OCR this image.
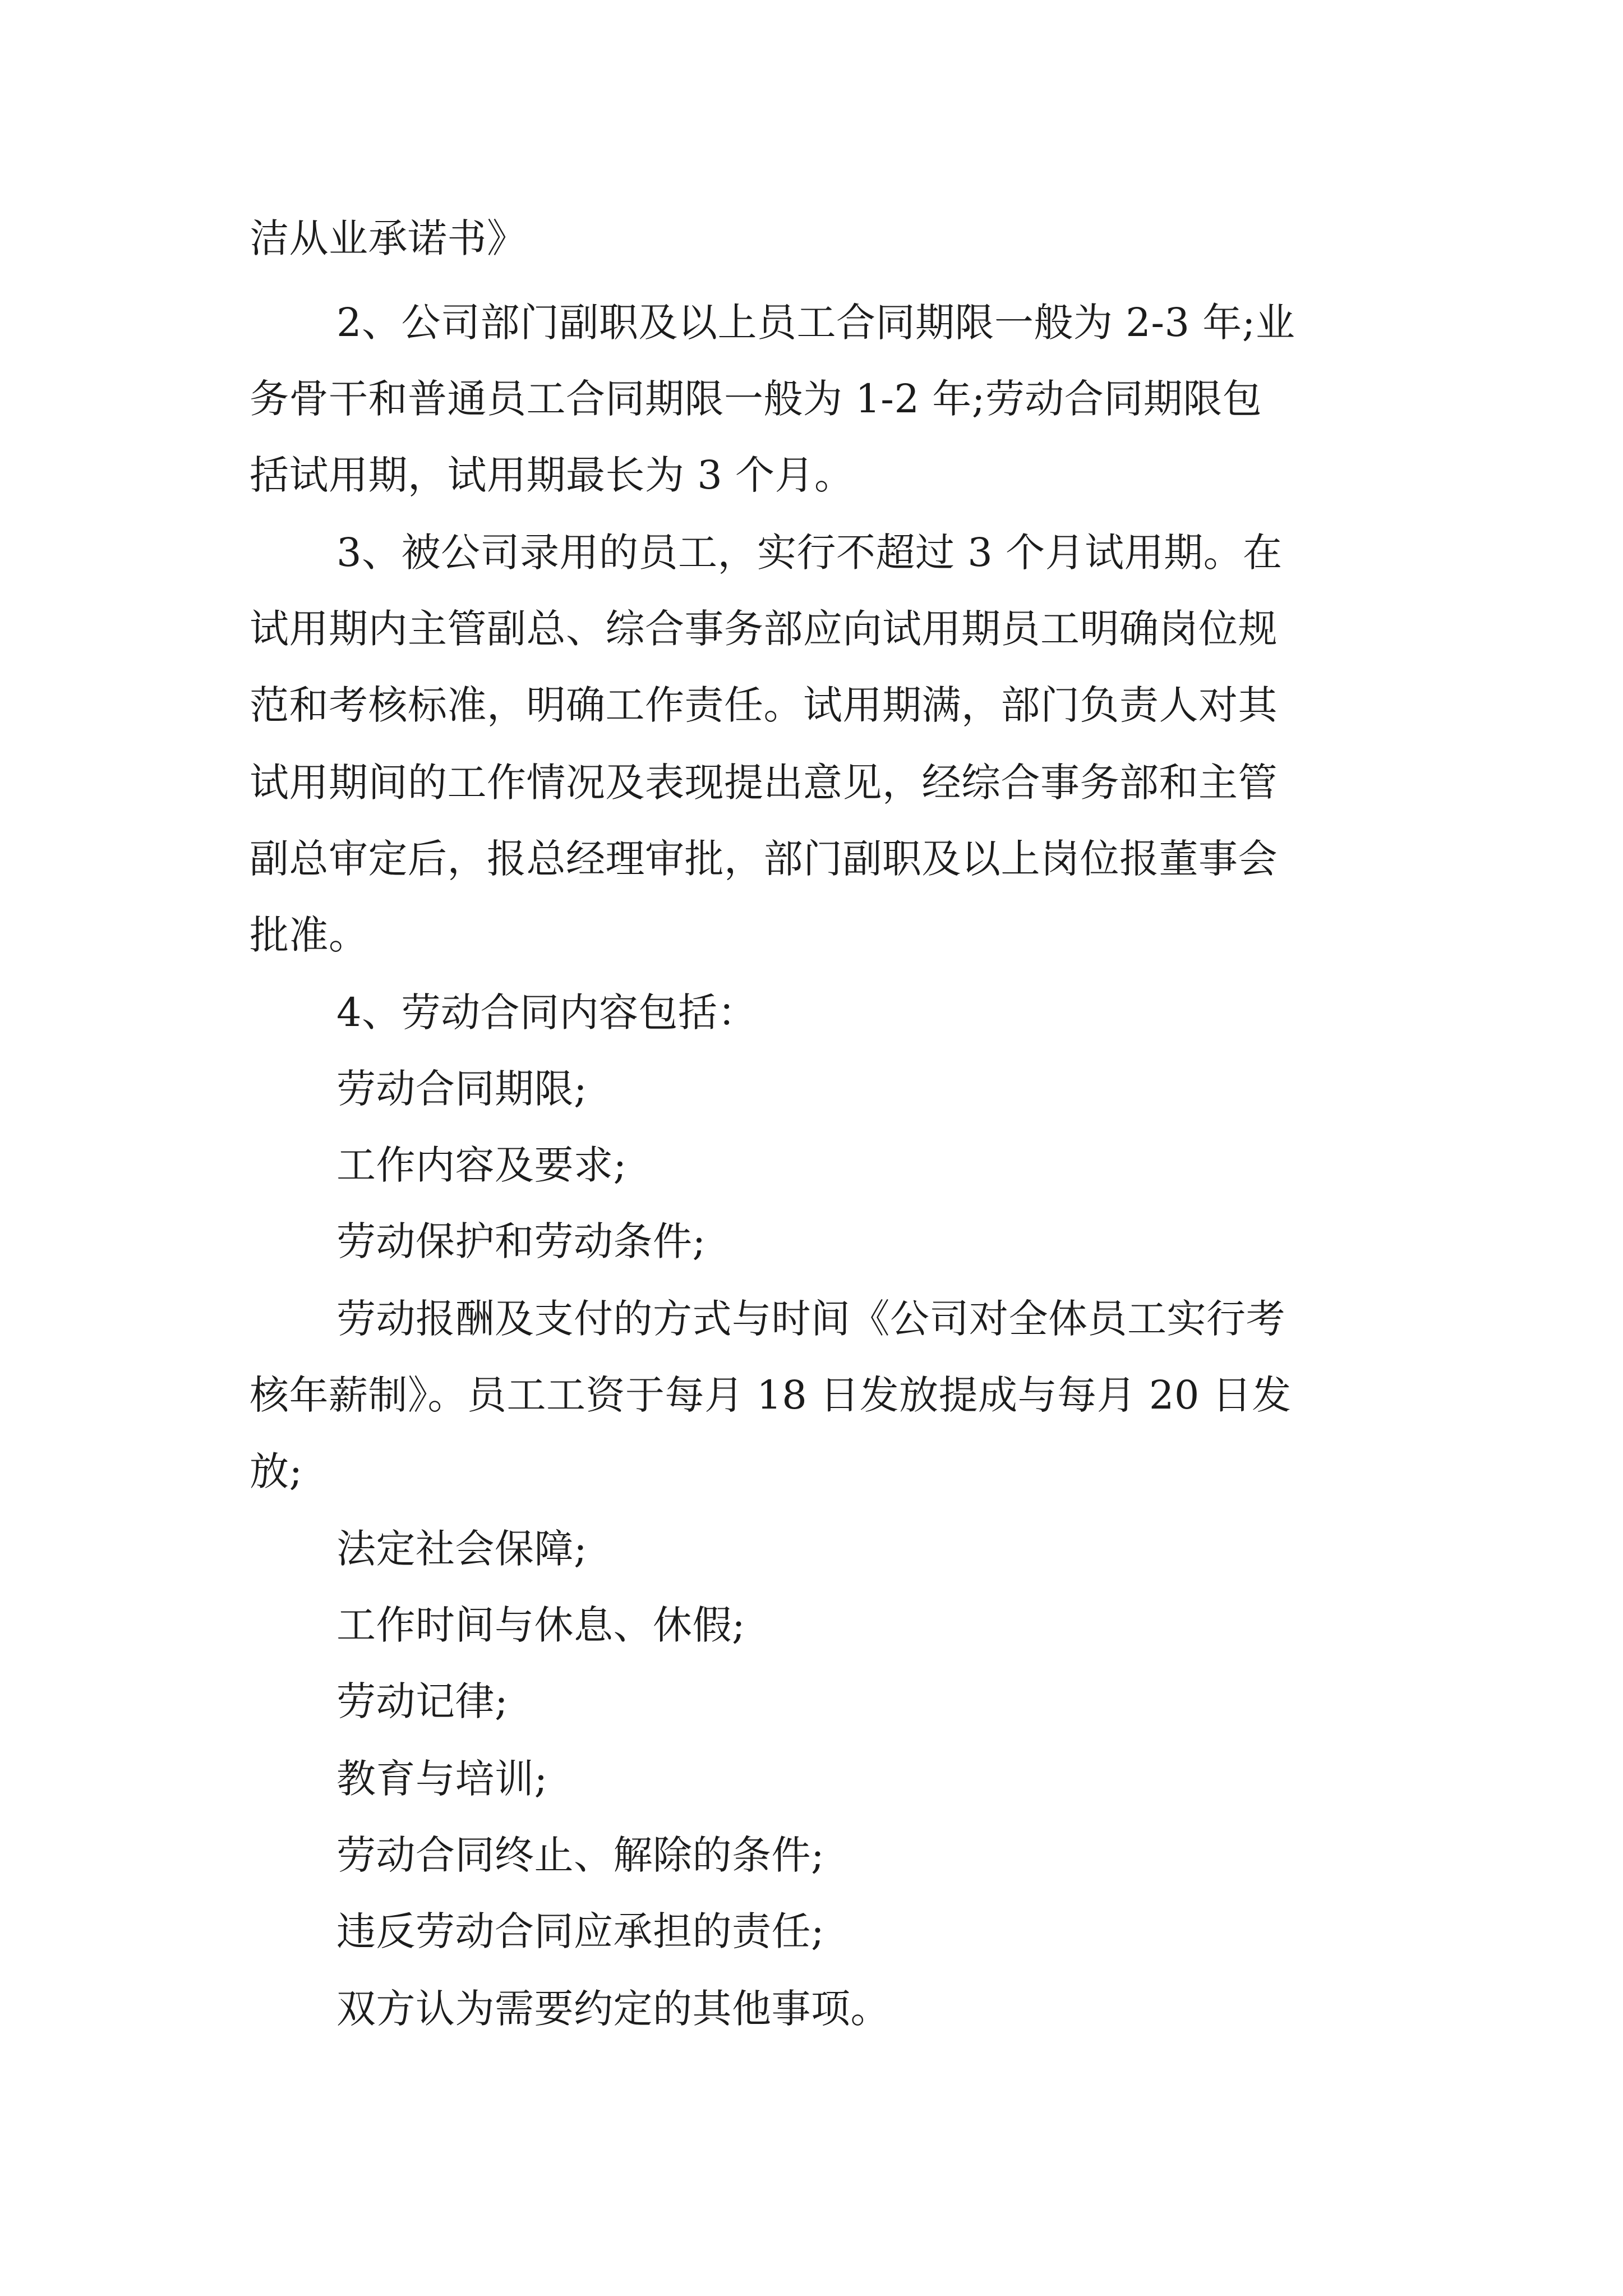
洁从业承诺书》
2、公司部门副职及以上员工合同期限一般为 2-3 年;业
务骨干和普通员工合同期限一般为 1-2 年;劳动合同期限包
括试用期，试用期最长为 3 个月。
3、被公司录用的员工，实行不超过 3 个月试用期。在
试用期内主管副总、综合事务部应向试用期员工明确岗位规
范和考核标准，明确工作责任。试用期满，部门负责人对其
试用期间的工作情况及表现提出意见，经综合事务部和主管
副总审定后，报总经理审批，部门副职及以上岗位报董事会
批准。
4、劳动合同内容包括：
劳动合同期限;
工作内容及要求;
劳动保护和劳动条件;
劳动报酬及支付的方式与时间《公司对全体员工实行考
核年薪制》。员工工资于每月 18 日发放提成与每月 20 日发
放;
法定社会保障;
工作时间与休息、休假;
劳动记律;
教育与培训;
劳动合同终止、解除的条件;
违反劳动合同应承担的责任;
双方认为需要约定的其他事项。
